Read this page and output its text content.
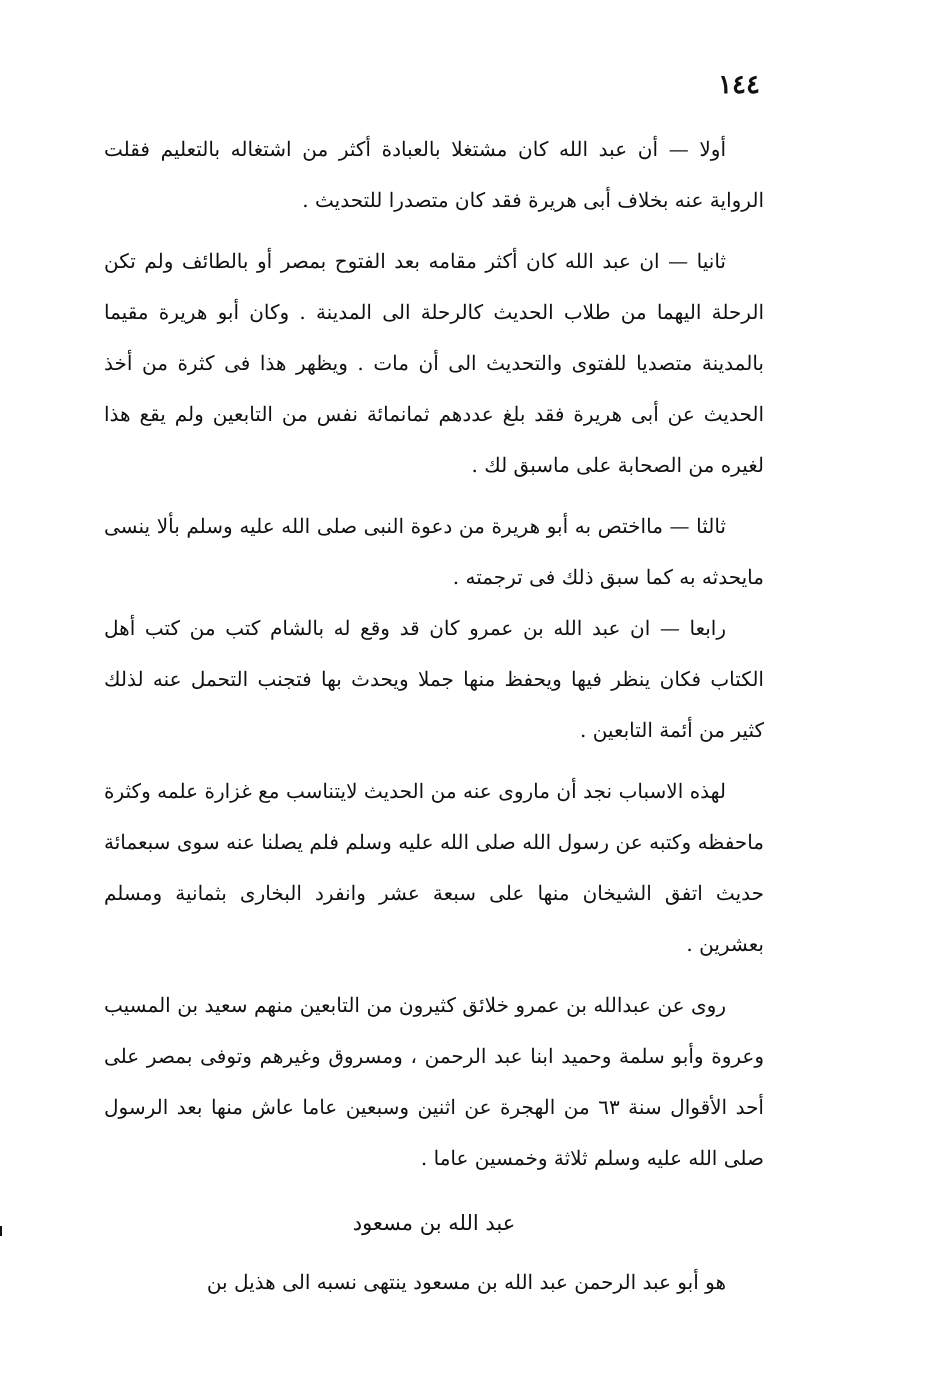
١٤٤

أولا — أن عبد الله كان مشتغلا بالعبادة أكثر من اشتغاله بالتعليم فقلت الرواية عنه بخلاف أبى هريرة فقد كان متصدرا للتحديث .

ثانيا — ان عبد الله كان أكثر مقامه بعد الفتوح بمصر أو بالطائف ولم تكن الرحلة اليهما من طلاب الحديث كالرحلة الى المدينة . وكان أبو هريرة مقيما بالمدينة متصديا للفتوى والتحديث الى أن مات . ويظهر هذا فى كثرة من أخذ الحديث عن أبى هريرة فقد بلغ عددهم ثمانمائة نفس من التابعين ولم يقع هذا لغيره من الصحابة على ماسبق لك .

ثالثا — مااختص به أبو هريرة من دعوة النبى صلى الله عليه وسلم بألا ينسى مايحدثه به كما سبق ذلك فى ترجمته .

رابعا — ان عبد الله بن عمرو كان قد وقع له بالشام كتب من كتب أهل الكتاب فكان ينظر فيها ويحفظ منها جملا ويحدث بها فتجنب التحمل عنه لذلك كثير من أئمة التابعين .

لهذه الاسباب نجد أن ماروى عنه من الحديث لايتناسب مع غزارة علمه وكثرة ماحفظه وكتبه عن رسول الله صلى الله عليه وسلم فلم يصلنا عنه سوى سبعمائة حديث اتفق الشيخان منها على سبعة عشر وانفرد البخارى بثمانية ومسلم بعشرين .

روى عن عبدالله بن عمرو خلائق كثيرون من التابعين منهم سعيد بن المسيب وعروة وأبو سلمة وحميد ابنا عبد الرحمن ، ومسروق وغيرهم وتوفى بمصر على أحد الأقوال سنة ٦٣ من الهجرة عن اثنين وسبعين عاما عاش منها بعد الرسول صلى الله عليه وسلم ثلاثة وخمسين عاما .

عبد الله بن مسعود

هو أبو عبد الرحمن عبد الله بن مسعود ينتهى نسبه الى هذيل بن
